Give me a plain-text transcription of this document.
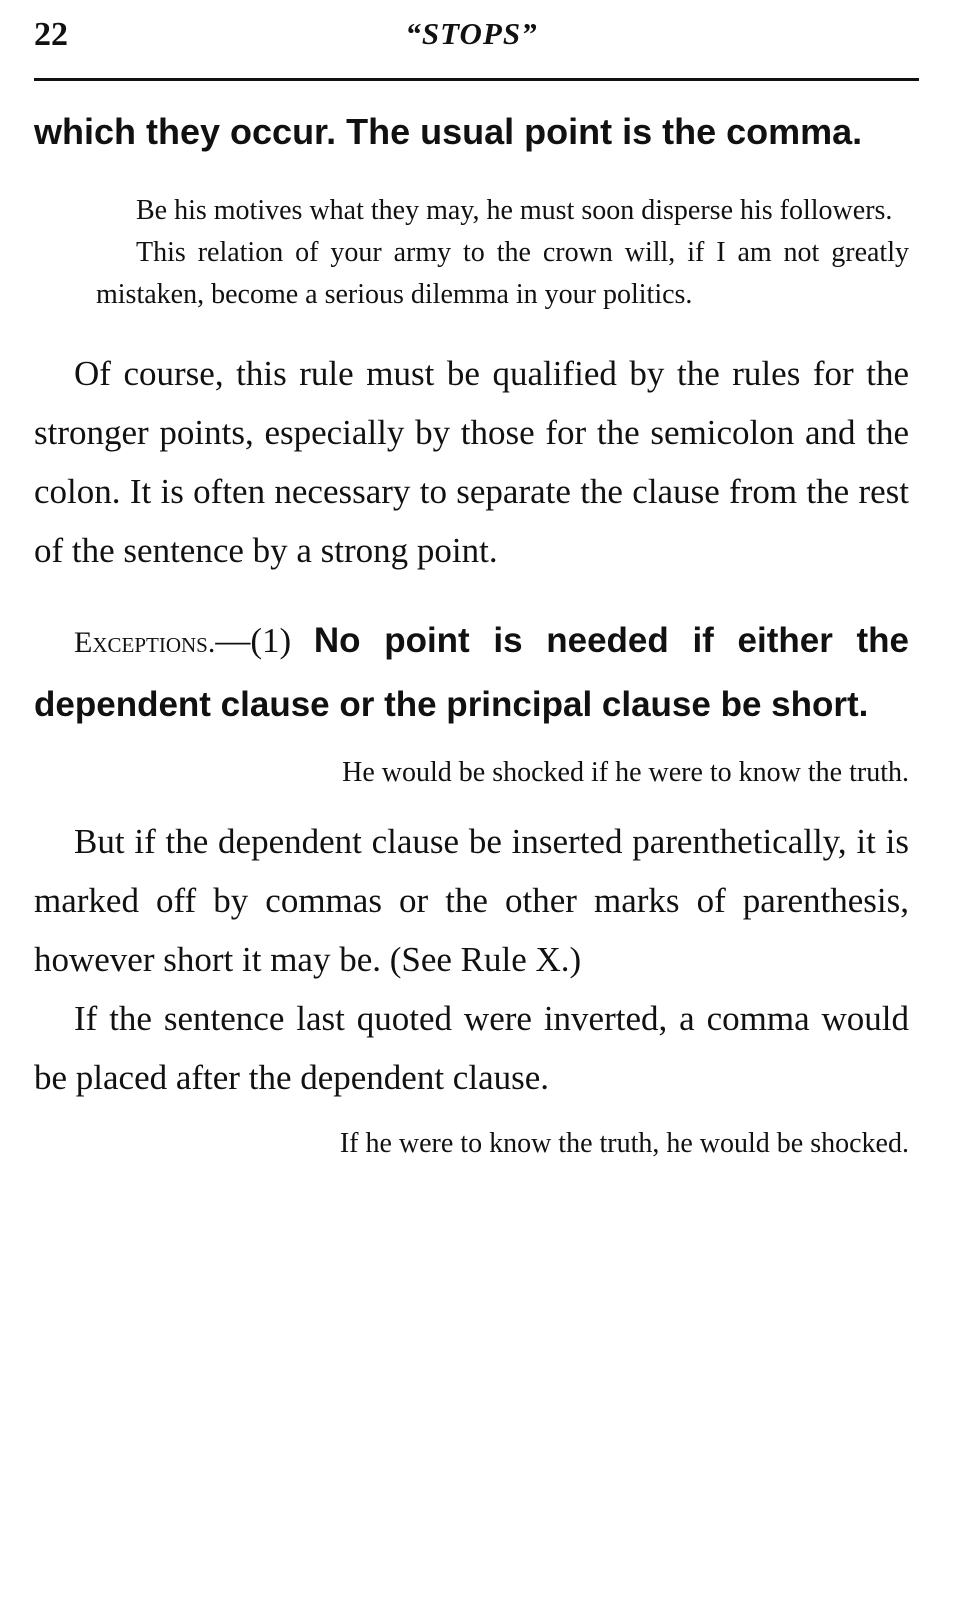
22	“STOPS”

which they occur. The usual point is the comma.

Be his motives what they may, he must soon disperse his followers.

This relation of your army to the crown will, if I am not greatly mistaken, become a serious dilemma in your politics.

Of course, this rule must be qualified by the rules for the stronger points, especially by those for the semicolon and the colon. It is often necessary to separate the clause from the rest of the sentence by a strong point.

Exceptions.—(1) No point is needed if either the dependent clause or the principal clause be short.

He would be shocked if he were to know the truth.

But if the dependent clause be inserted parenthetically, it is marked off by commas or the other marks of parenthesis, however short it may be. (See Rule X.)

If the sentence last quoted were inverted, a comma would be placed after the dependent clause.

If he were to know the truth, he would be shocked.
